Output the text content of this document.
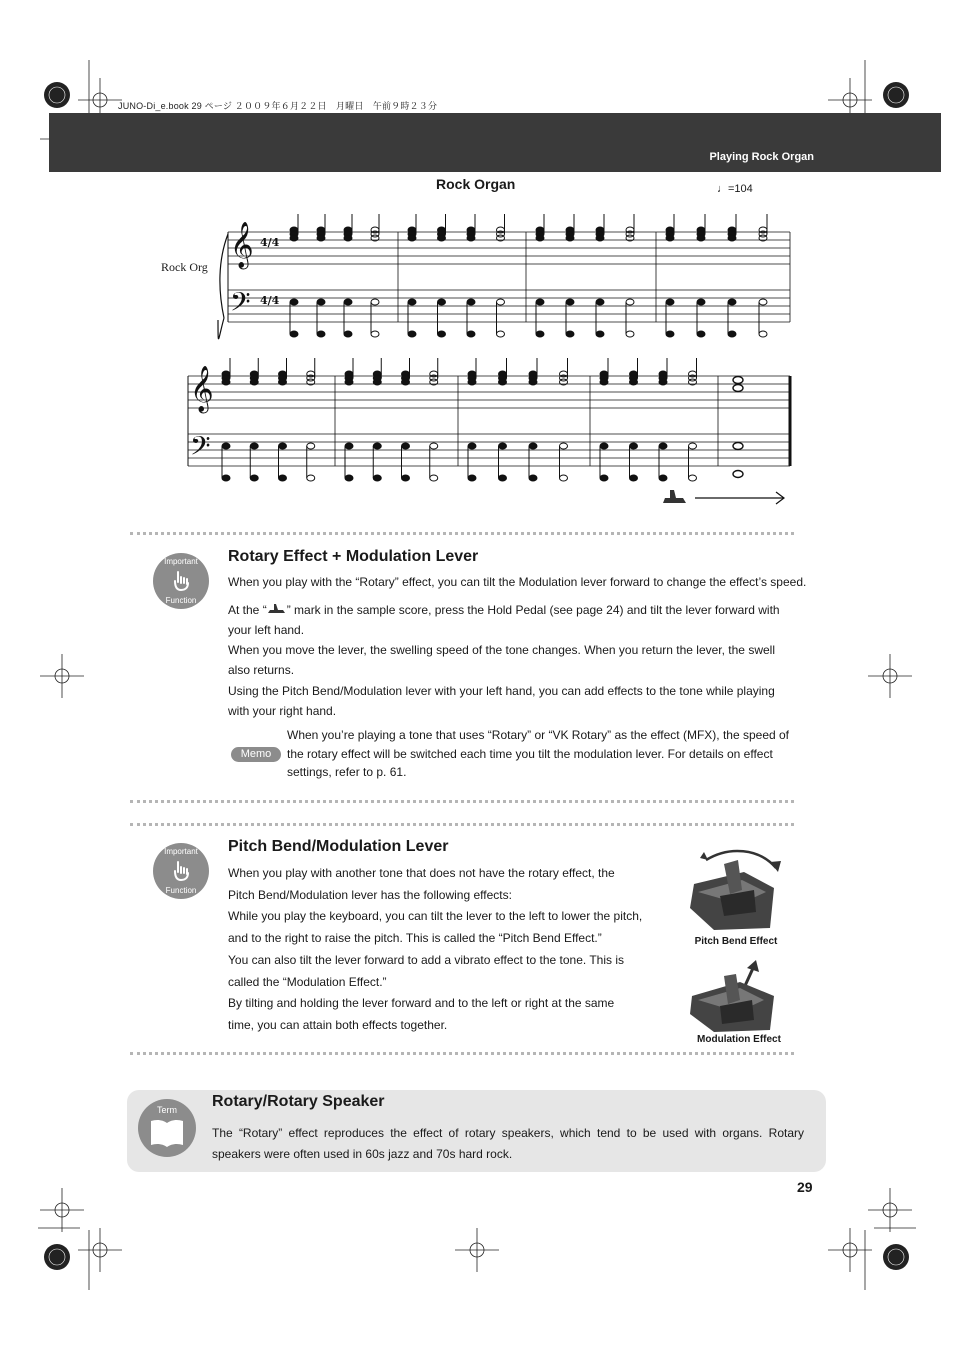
JUNO-Di_e.book 29 ページ ２００９年６月２２日　月曜日　午前９時２３分
Playing Rock Organ
Rock Organ	♩=104
Rock Org 𝄞
𝄢
𝄞
𝄢
4/4
4/4
Important
Function
Rotary Effect + Modulation Lever

When you play with the “Rotary” effect, you can tilt the Modulation lever forward to change the effect’s speed.

At the “ ” mark in the sample score, press the Hold Pedal (see page 24) and tilt the lever forward with
your left hand.

When you move the lever, the swelling speed of the tone changes. When you return the lever, the swell also returns.

Using the Pitch Bend/Modulation lever with your left hand, you can add effects to the tone while playing with your right hand.

Memo

When you’re playing a tone that uses “Rotary” or “VK Rotary” as the effect (MFX), the speed of the rotary effect will be switched each time you tilt the modulation lever. For details on effect settings, refer to p. 61.

Important
Function
Pitch Bend/Modulation Lever

When you play with another tone that does not have the rotary effect, the Pitch Bend/Modulation lever has the following effects:

While you play the keyboard, you can tilt the lever to the left to lower the pitch, and to the right to raise the pitch. This is called the “Pitch Bend Effect.”

You can also tilt the lever forward to add a vibrato effect to the tone. This is called the “Modulation Effect.”

By tilting and holding the lever forward and to the left or right at the same time, you can attain both effects together.

Pitch Bend Effect
Modulation Effect
Term	Rotary/Rotary Speaker

The “Rotary” effect reproduces the effect of rotary speakers, which tend to be used with organs. Rotary speakers were often used in 60s jazz and 70s hard rock.

29
